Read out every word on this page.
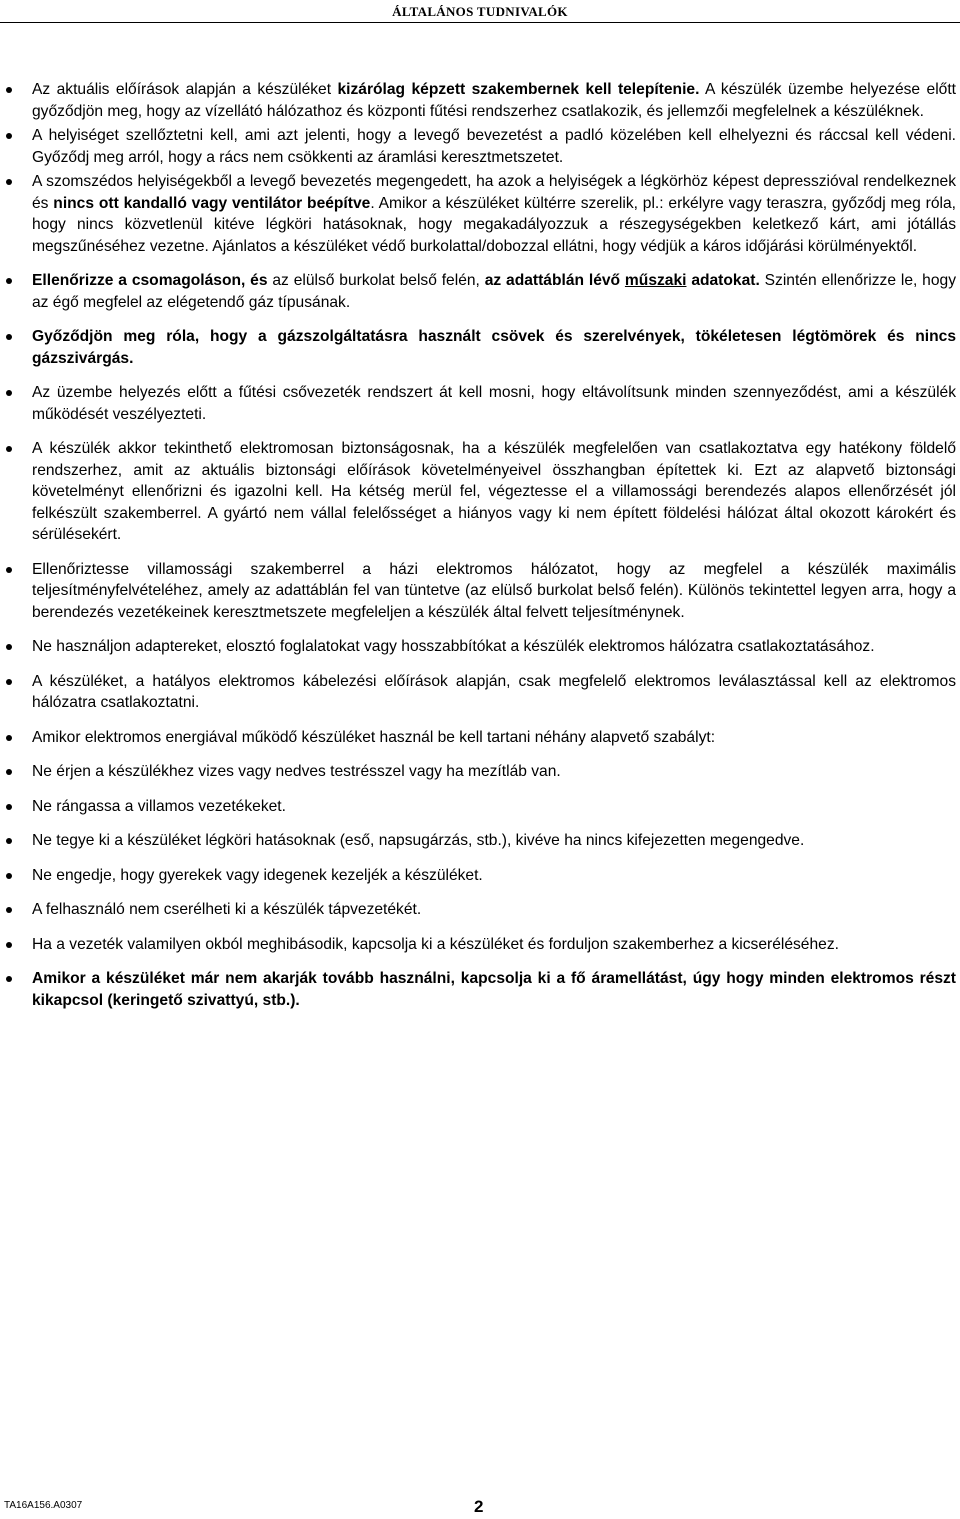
ÁLTALÁNOS TUDNIVALÓK
Az aktuális előírások alapján a készüléket kizárólag képzett szakembernek kell telepítenie. A készülék üzembe helyezése előtt győződjön meg, hogy az vízellátó hálózathoz és központi fűtési rendszerhez csatlakozik, és jellemzői megfelelnek a készüléknek.
A helyiséget szellőztetni kell, ami azt jelenti, hogy a levegő bevezetést a padló közelében kell elhelyezni és ráccsal kell védeni. Győződj meg arról, hogy a rács nem csökkenti az áramlási keresztmetszetet.
A szomszédos helyiségekből a levegő bevezetés megengedett, ha azok a helyiségek a légkörhöz képest depresszióval rendelkeznek és nincs ott kandalló vagy ventilátor beépítve. Amikor a készüléket kültérre szerelik, pl.: erkélyre vagy teraszra, győződj meg róla, hogy nincs közvetlenül kitéve légköri hatásoknak, hogy megakadályozzuk a részegységekben keletkező kárt, ami jótállás megszűnéséhez vezetne. Ajánlatos a készüléket védő burkolattal/dobozzal ellátni, hogy védjük a káros időjárási körülményektől.
Ellenőrizze a csomagoláson, és az elülső burkolat belső felén, az adattáblán lévő műszaki adatokat. Szintén ellenőrizze le, hogy az égő megfelel az elégetendő gáz típusának.
Győződjön meg róla, hogy a gázszolgáltatásra használt csövek és szerelvények, tökéletesen légtömörek és nincs gázszivárgás.
Az üzembe helyezés előtt a fűtési csővezeték rendszert át kell mosni, hogy eltávolítsunk minden szennyeződést, ami a készülék működését veszélyezteti.
A készülék akkor tekinthető elektromosan biztonságosnak, ha a készülék megfelelően van csatlakoztatva egy hatékony földelő rendszerhez, amit az aktuális biztonsági előírások követelményeivel összhangban építettek ki. Ezt az alapvető biztonsági követelményt ellenőrizni és igazolni kell. Ha kétség merül fel, végeztesse el a villamossági berendezés alapos ellenőrzését jól felkészült szakemberrel. A gyártó nem vállal felelősséget a hiányos vagy ki nem épített földelési hálózat által okozott károkért és sérülésekért.
Ellenőriztesse villamossági szakemberrel a házi elektromos hálózatot, hogy az megfelel a készülék maximális teljesítményfelvételéhez, amely az adattáblán fel van tüntetve (az elülső burkolat belső felén). Különös tekintettel legyen arra, hogy a berendezés vezetékeinek keresztmetszete megfeleljen a készülék által felvett teljesítménynek.
Ne használjon adaptereket, elosztó foglalatokat vagy hosszabbítókat a készülék elektromos hálózatra csatlakoztatásához.
A készüléket, a hatályos elektromos kábelezési előírások alapján, csak megfelelő elektromos leválasztással kell az elektromos hálózatra csatlakoztatni.
Amikor elektromos energiával működő készüléket használ be kell tartani néhány alapvető szabályt:
Ne érjen a készülékhez vizes vagy nedves testrésszel vagy ha mezítláb van.
Ne rángassa a villamos vezetékeket.
Ne tegye ki a készüléket légköri hatásoknak (eső, napsugárzás, stb.), kivéve ha nincs kifejezetten megengedve.
Ne engedje, hogy gyerekek vagy idegenek kezeljék a készüléket.
A felhasználó nem cserélheti ki a készülék tápvezetékét.
Ha a vezeték valamilyen okból meghibásodik, kapcsolja ki a készüléket és forduljon szakemberhez a kicseréléséhez.
Amikor a készüléket már nem akarják tovább használni, kapcsolja ki a fő áramellátást, úgy hogy minden elektromos részt kikapcsol (keringető szivattyú, stb.).
TA16A156.A0307	2
